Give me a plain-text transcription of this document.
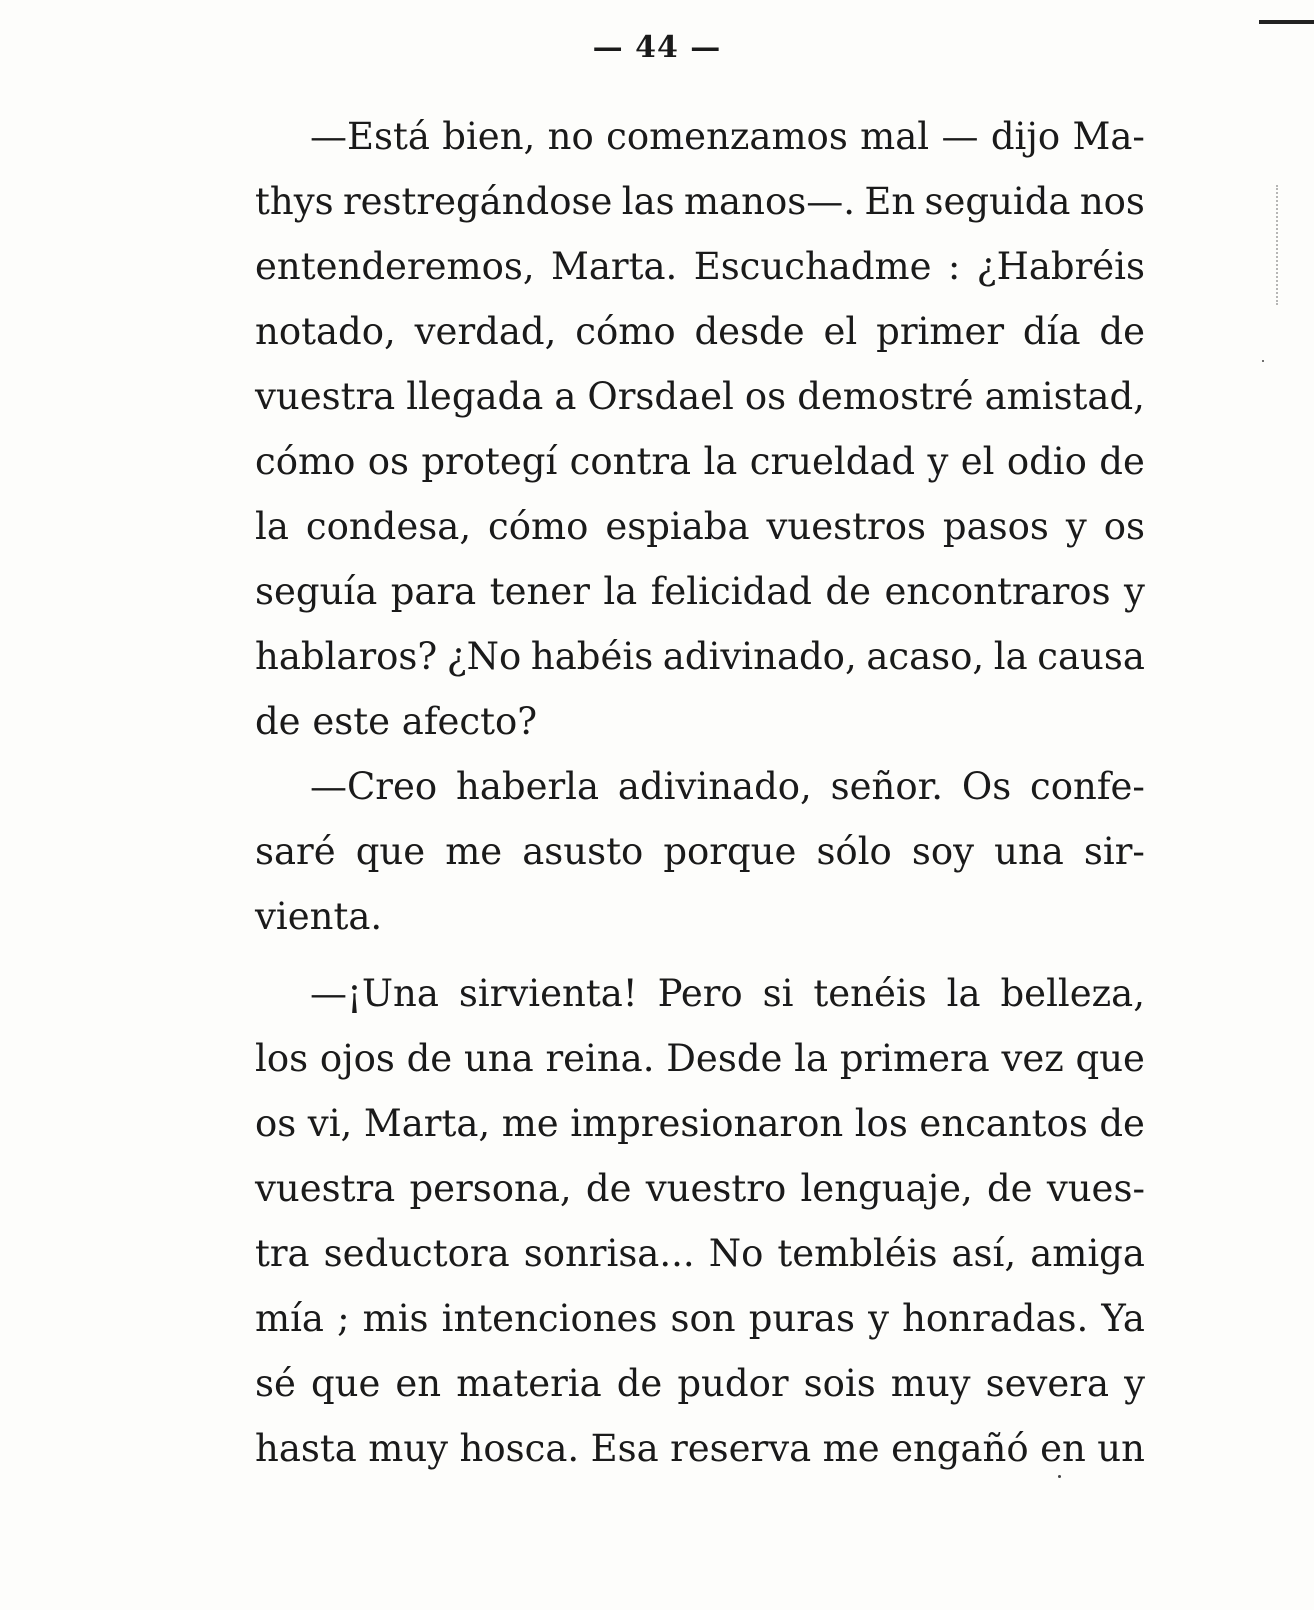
— 44 —
—Está bien, no comenzamos mal — dijo Ma-
thys restregándose las manos—. En seguida nos
entenderemos, Marta. Escuchadme : ¿Habréis
notado, verdad, cómo desde el primer día de
vuestra llegada a Orsdael os demostré amistad,
cómo os protegí contra la crueldad y el odio de
la condesa, cómo espiaba vuestros pasos y os
seguía para tener la felicidad de encontraros y
hablaros? ¿No habéis adivinado, acaso, la causa
de este afecto?
—Creo haberla adivinado, señor. Os confe-
saré que me asusto porque sólo soy una sir-
vienta.
—¡Una sirvienta! Pero si tenéis la belleza,
los ojos de una reina. Desde la primera vez que
os vi, Marta, me impresionaron los encantos de
vuestra persona, de vuestro lenguaje, de vues-
tra seductora sonrisa... No tembléis así, amiga
mía ; mis intenciones son puras y honradas. Ya
sé que en materia de pudor sois muy severa y
hasta muy hosca. Esa reserva me engañó en un
